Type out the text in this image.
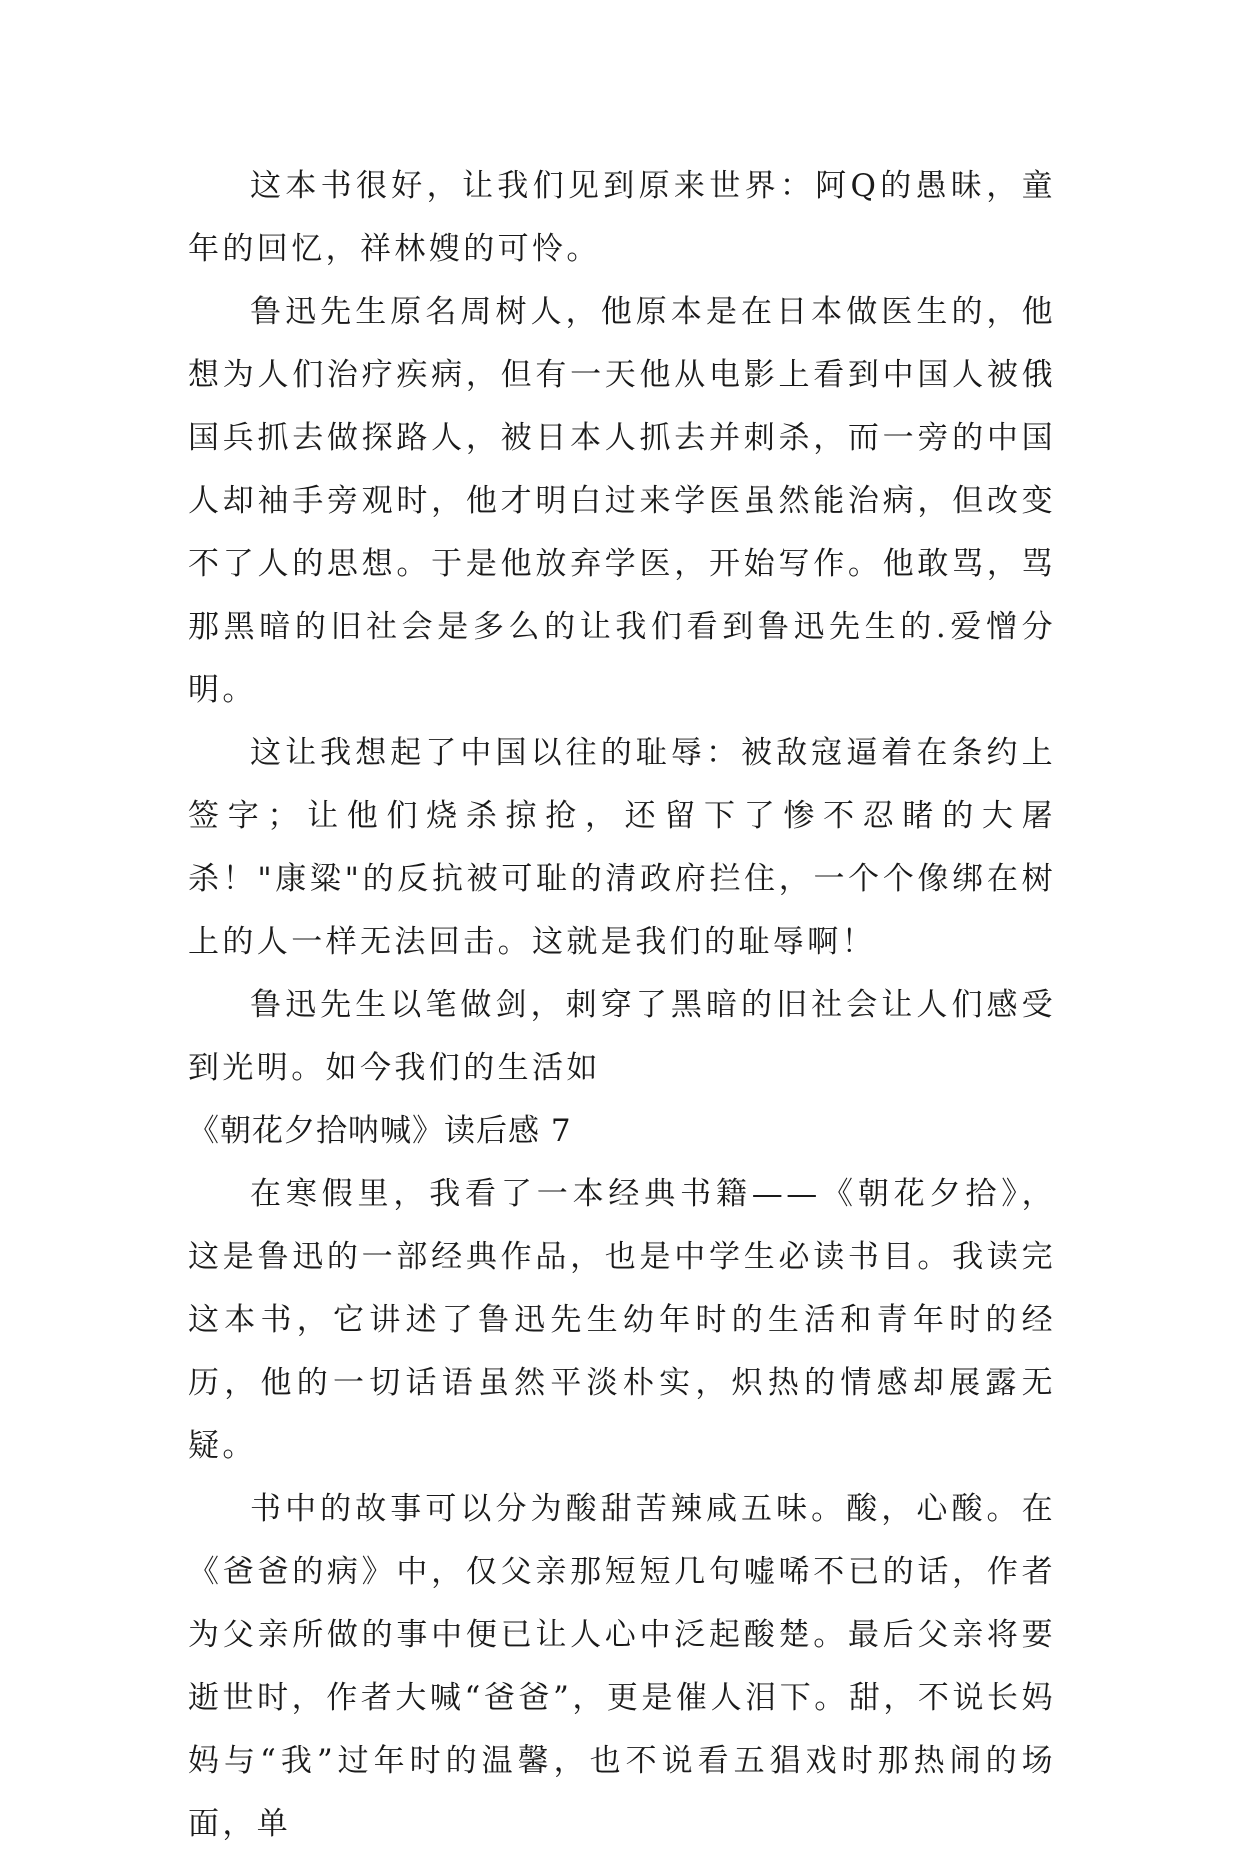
这本书很好，让我们见到原来世界：阿Q的愚昧，童年的回忆，祥林嫂的可怜。

鲁迅先生原名周树人，他原本是在日本做医生的，他想为人们治疗疾病，但有一天他从电影上看到中国人被俄国兵抓去做探路人，被日本人抓去并刺杀，而一旁的中国人却袖手旁观时，他才明白过来学医虽然能治病，但改变不了人的思想。于是他放弃学医，开始写作。他敢骂，骂那黑暗的旧社会是多么的让我们看到鲁迅先生的.爱憎分明。

这让我想起了中国以往的耻辱：被敌寇逼着在条约上签字；让他们烧杀掠抢，还留下了惨不忍睹的大屠杀！"康粱"的反抗被可耻的清政府拦住，一个个像绑在树上的人一样无法回击。这就是我们的耻辱啊！

鲁迅先生以笔做剑，刺穿了黑暗的旧社会让人们感受到光明。如今我们的生活如

《朝花夕拾呐喊》读后感 7

在寒假里，我看了一本经典书籍——《朝花夕拾》，这是鲁迅的一部经典作品，也是中学生必读书目。我读完这本书，它讲述了鲁迅先生幼年时的生活和青年时的经历，他的一切话语虽然平淡朴实，炽热的情感却展露无疑。

书中的故事可以分为酸甜苦辣咸五味。酸，心酸。在《爸爸的病》中，仅父亲那短短几句嘘唏不已的话，作者为父亲所做的事中便已让人心中泛起酸楚。最后父亲将要逝世时，作者大喊“爸爸”，更是催人泪下。甜，不说长妈妈与“我”过年时的温馨，也不说看五猖戏时那热闹的场面，单
